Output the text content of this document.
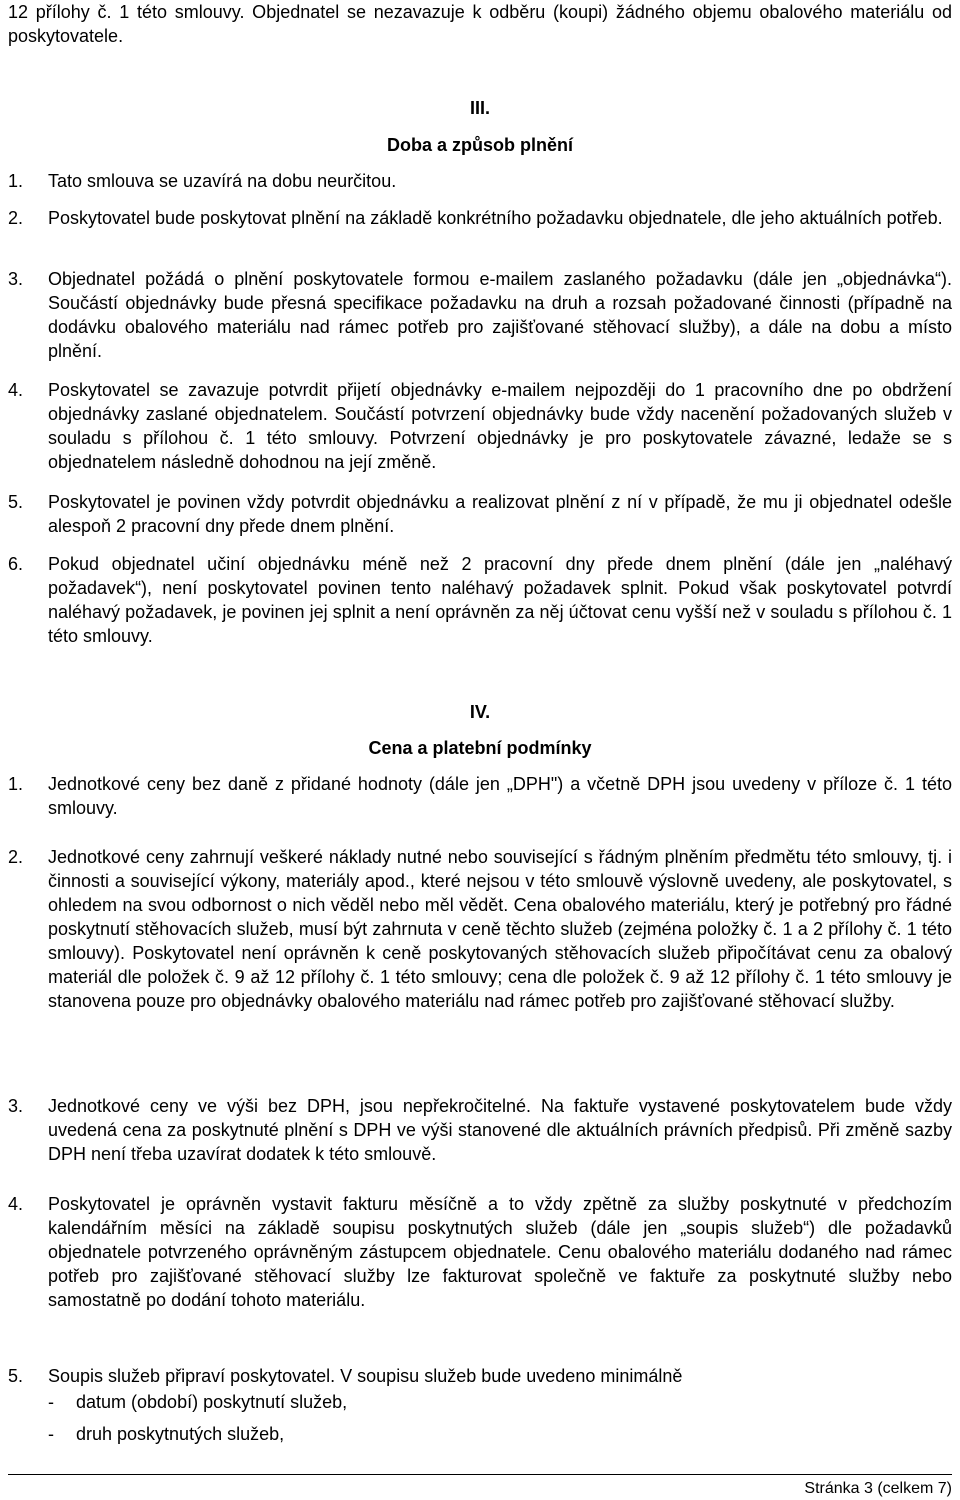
12 přílohy č. 1 této smlouvy. Objednatel se nezavazuje k odběru (koupi) žádného objemu obalového materiálu od poskytovatele.
III.
Doba a způsob plnění
1. Tato smlouva se uzavírá na dobu neurčitou.
2. Poskytovatel bude poskytovat plnění na základě konkrétního požadavku objednatele, dle jeho aktuálních potřeb.
3. Objednatel požádá o plnění poskytovatele formou e-mailem zaslaného požadavku (dále jen „objednávka“). Součástí objednávky bude přesná specifikace požadavku na druh a rozsah požadované činnosti (případně na dodávku obalového materiálu nad rámec potřeb pro zajišťované stěhovací služby), a dále na dobu a místo plnění.
4. Poskytovatel se zavazuje potvrdit přijetí objednávky e-mailem nejpozději do 1 pracovního dne po obdržení objednávky zaslané objednatelem. Součástí potvrzení objednávky bude vždy nacenění požadovaných služeb v souladu s přílohou č. 1 této smlouvy. Potvrzení objednávky je pro poskytovatele závazné, ledaže se s objednatelem následně dohodnou na její změně.
5. Poskytovatel je povinen vždy potvrdit objednávku a realizovat plnění z ní v případě, že mu ji objednatel odešle alespoň 2 pracovní dny přede dnem plnění.
6. Pokud objednatel učiní objednávku méně než 2 pracovní dny přede dnem plnění (dále jen „naléhavý požadavek“), není poskytovatel povinen tento naléhavý požadavek splnit. Pokud však poskytovatel potvrdí naléhavý požadavek, je povinen jej splnit a není oprávněn za něj účtovat cenu vyšší než v souladu s přílohou č. 1 této smlouvy.
IV.
Cena a platební podmínky
1. Jednotkové ceny bez daně z přidané hodnoty (dále jen „DPH") a včetně DPH jsou uvedeny v příloze č. 1 této smlouvy.
2. Jednotkové ceny zahrnují veškeré náklady nutné nebo související s řádným plněním předmětu této smlouvy, tj. i činnosti a související výkony, materiály apod., které nejsou v této smlouvě výslovně uvedeny, ale poskytovatel, s ohledem na svou odbornost o nich věděl nebo měl vědět. Cena obalového materiálu, který je potřebný pro řádné poskytnutí stěhovacích služeb, musí být zahrnuta v ceně těchto služeb (zejména položky č. 1 a 2 přílohy č. 1 této smlouvy). Poskytovatel není oprávněn k ceně poskytovaných stěhovacích služeb připočítávat cenu za obalový materiál dle položek č. 9 až 12 přílohy č. 1 této smlouvy; cena dle položek č. 9 až 12 přílohy č. 1 této smlouvy je stanovena pouze pro objednávky obalového materiálu nad rámec potřeb pro zajišťované stěhovací služby.
3. Jednotkové ceny ve výši bez DPH, jsou nepřekročitelné. Na faktuře vystavené poskytovatelem bude vždy uvedená cena za poskytnuté plnění s DPH ve výši stanovené dle aktuálních právních předpisů. Při změně sazby DPH není třeba uzavírat dodatek k této smlouvě.
4. Poskytovatel je oprávněn vystavit fakturu měsíčně a to vždy zpětně za služby poskytnuté v předchozím kalendářním měsíci na základě soupisu poskytnutých služeb (dále jen „soupis služeb“) dle požadavků objednatele potvrzeného oprávněným zástupcem objednatele. Cenu obalového materiálu dodaného nad rámec potřeb pro zajišťované stěhovací služby lze fakturovat společně ve faktuře za poskytnuté služby nebo samostatně po dodání tohoto materiálu.
5. Soupis služeb připraví poskytovatel. V soupisu služeb bude uvedeno minimálně
- datum (období) poskytnutí služeb,
- druh poskytnutých služeb,
Stránka 3 (celkem 7)
